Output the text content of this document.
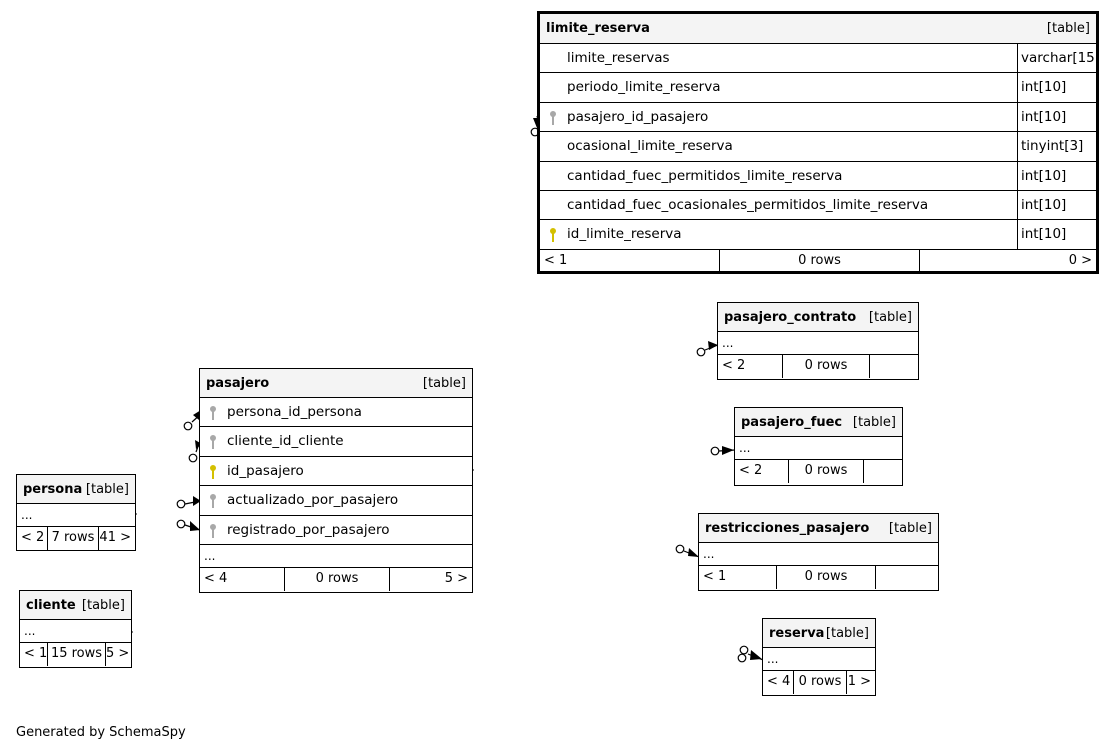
limite_reserva	[table]
limite_reservas	varchar[15]
periodo_limite_reserva	int[10]
pasajero_id_pasajero	int[10]
ocasional_limite_reserva	tinyint[3]
cantidad_fuec_permitidos_limite_reserva	int[10]
cantidad_fuec_ocasionales_permitidos_limite_reserva	int[10]
id_limite_reserva	int[10]
< 1	0 rows	0 >
pasajero	[table]
persona_id_persona
cliente_id_cliente
id_pasajero
actualizado_por_pasajero
registrado_por_pasajero
...
< 4	0 rows	5 >
persona [table]
...
< 2 7 rows 41 >
cliente [table]
...
< 1 15 rows 5 >
pasajero_contrato [table]
...
< 2	0 rows
pasajero_fuec [table]
...
< 2	0 rows
restricciones_pasajero [table]
...
< 1	0 rows
reserva [table]
...
< 4 0 rows 1 >
Generated by SchemaSpy
